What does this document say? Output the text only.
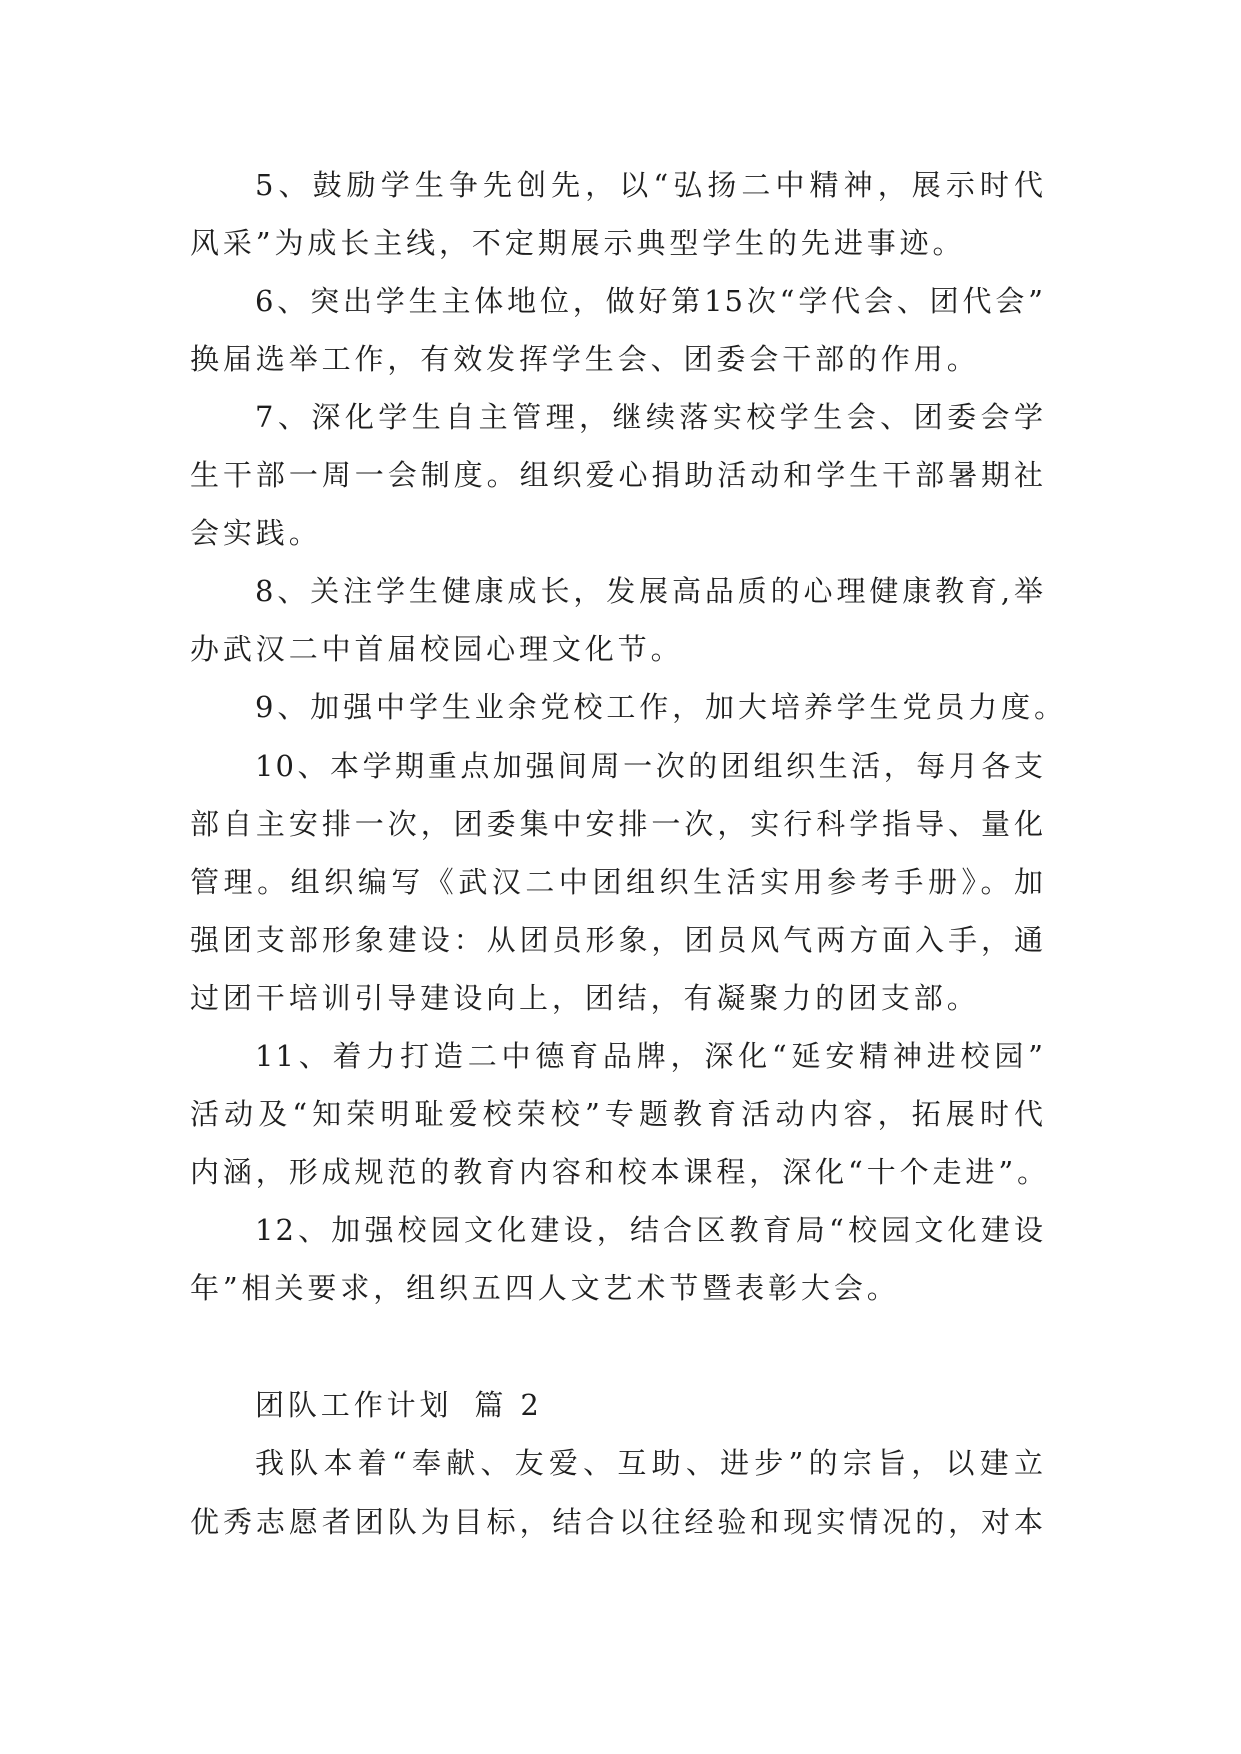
5、鼓励学生争先创先，以“弘扬二中精神，展示时代
风采”为成长主线，不定期展示典型学生的先进事迹。
6、突出学生主体地位，做好第15次“学代会、团代会”
换届选举工作，有效发挥学生会、团委会干部的作用。
7、深化学生自主管理，继续落实校学生会、团委会学
生干部一周一会制度。组织爱心捐助活动和学生干部暑期社
会实践。
8、关注学生健康成长，发展高品质的心理健康教育,举
办武汉二中首届校园心理文化节。
9、加强中学生业余党校工作，加大培养学生党员力度。
10、本学期重点加强间周一次的团组织生活，每月各支
部自主安排一次，团委集中安排一次，实行科学指导、量化
管理。组织编写《武汉二中团组织生活实用参考手册》。加
强团支部形象建设：从团员形象，团员风气两方面入手，通
过团干培训引导建设向上，团结，有凝聚力的团支部。
11、着力打造二中德育品牌，深化“延安精神进校园”
活动及“知荣明耻爱校荣校”专题教育活动内容，拓展时代
内涵，形成规范的教育内容和校本课程，深化“十个走进”。
12、加强校园文化建设，结合区教育局“校园文化建设
年”相关要求，组织五四人文艺术节暨表彰大会。
团队工作计划 篇 2
我队本着“奉献、友爱、互助、进步”的宗旨，以建立
优秀志愿者团队为目标，结合以往经验和现实情况的，对本
